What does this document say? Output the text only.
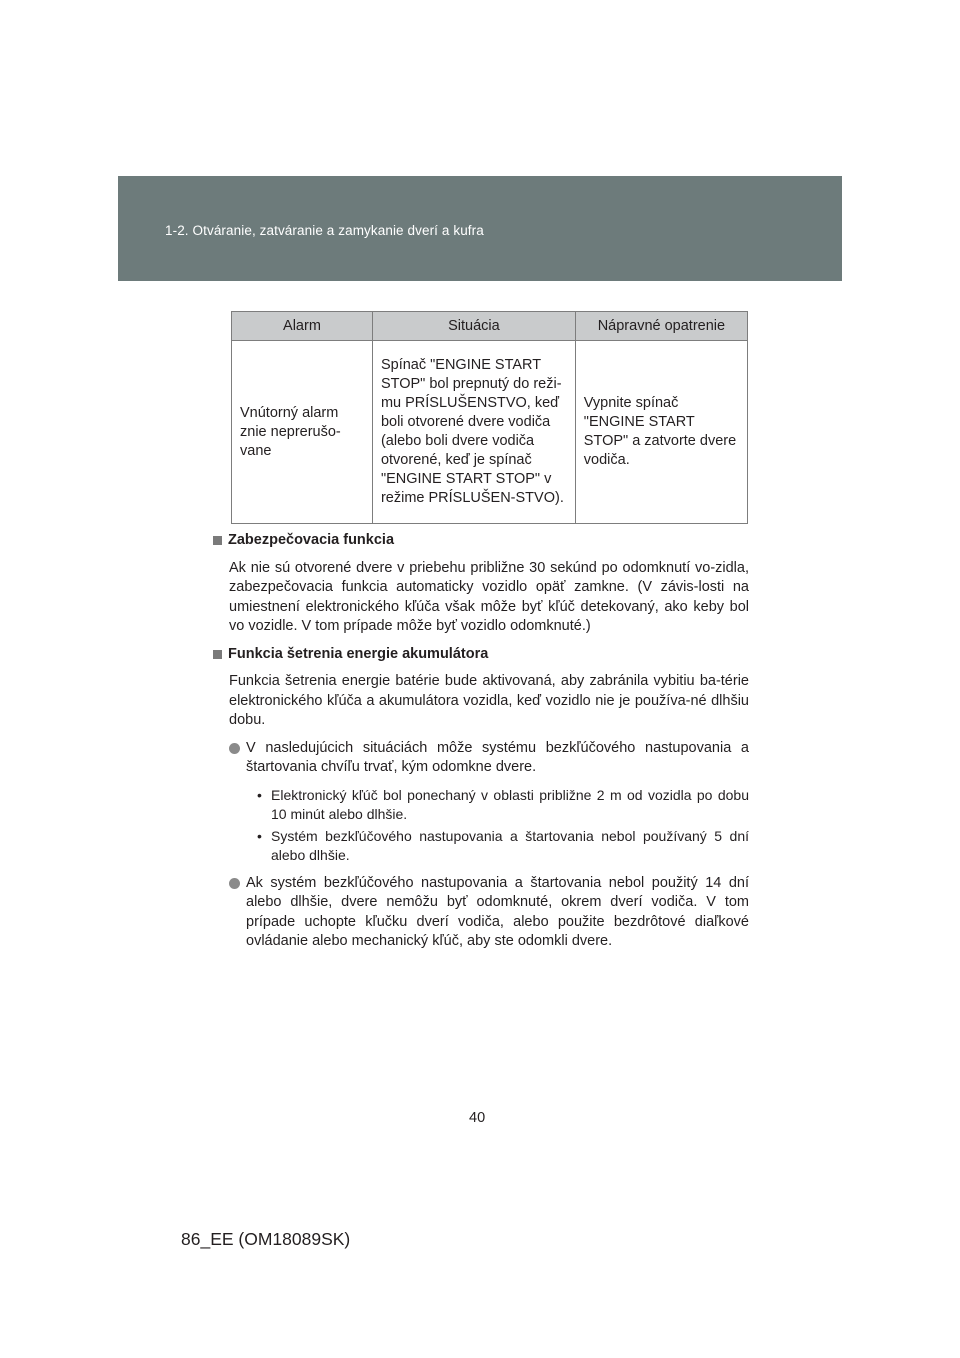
1-2. Otváranie, zatváranie a zamykanie dverí a kufra
Alarm	Situácia	Nápravné opatrenie
Vnútorný alarm znie neprerušo-vane	Spínač "ENGINE START STOP" bol prepnutý do reži-mu PRÍSLUŠENSTVO, keď boli otvorené dvere vodiča (alebo boli dvere vodiča otvorené, keď je spínač "ENGINE START STOP" v režime PRÍSLUŠEN-STVO).	Vypnite spínač "ENGINE START STOP" a zatvorte dvere vodiča.
Zabezpečovacia funkcia

Ak nie sú otvorené dvere v priebehu približne 30 sekúnd po odomknutí vo-zidla, zabezpečovacia funkcia automaticky vozidlo opäť zamkne. (V závis-losti na umiestnení elektronického kľúča však môže byť kľúč detekovaný, ako keby bol vo vozidle. V tom prípade môže byť vozidlo odomknuté.)

Funkcia šetrenia energie akumulátora

Funkcia šetrenia energie batérie bude aktivovaná, aby zabránila vybitiu ba-térie elektronického kľúča a akumulátora vozidla, keď vozidlo nie je používa-né dlhšiu dobu.

V nasledujúcich situáciách môže systému bezkľúčového nastupovania a štartovania chvíľu trvať, kým odomkne dvere.
• Elektronický kľúč bol ponechaný v oblasti približne 2 m od vozidla po dobu 10 minút alebo dlhšie.
• Systém bezkľúčového nastupovania a štartovania nebol používaný 5 dní alebo dlhšie.
Ak systém bezkľúčového nastupovania a štartovania nebol použitý 14 dní alebo dlhšie, dvere nemôžu byť odomknuté, okrem dverí vodiča. V tom prípade uchopte kľučku dverí vodiča, alebo použite bezdrôtové diaľkové ovládanie alebo mechanický kľúč, aby ste odomkli dvere.
40
86_EE (OM18089SK)
